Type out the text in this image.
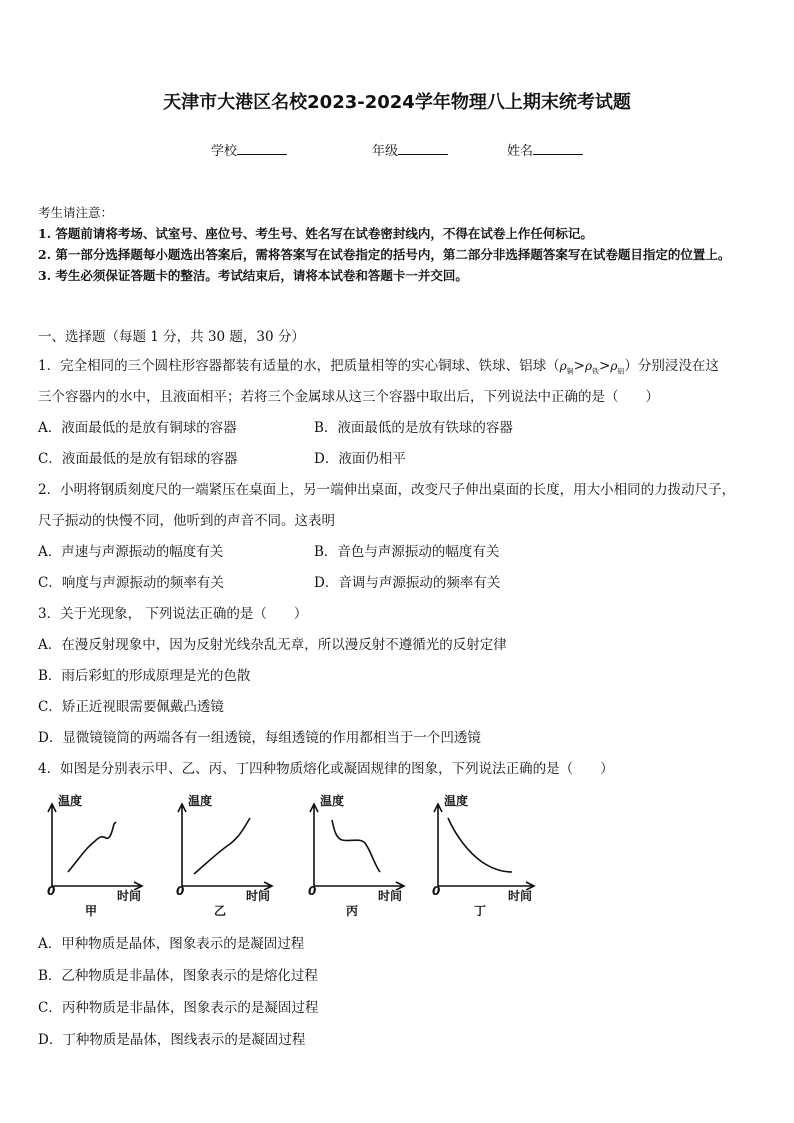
天津市大港区名校2023-2024学年物理八上期末统考试题
学校	年级	姓名
考生请注意：
1. 答题前请将考场、试室号、座位号、考生号、姓名写在试卷密封线内，不得在试卷上作任何标记。
2. 第一部分选择题每小题选出答案后，需将答案写在试卷指定的括号内，第二部分非选择题答案写在试卷题目指定的位置上。
3. 考生必须保证答题卡的整洁。考试结束后，请将本试卷和答题卡一并交回。
一、选择题（每题 1 分，共 30 题，30 分）
1．完全相同的三个圆柱形容器都装有适量的水，把质量相等的实心铜球、铁球、铝球$(\rho_铜>\rho_铁>\rho_铝)$分别浸没在这
三个容器内的水中，且液面相平；若将三个金属球从这三个容器中取出后，下列说法中正确的是（　　）
A．液面最低的是放有铜球的容器	B．液面最低的是放有铁球的容器
C．液面最低的是放有铝球的容器	D．液面仍相平
2．小明将钢质刻度尺的一端紧压在桌面上，另一端伸出桌面，改变尺子伸出桌面的长度，用大小相同的力拨动尺子，
尺子振动的快慢不同，他听到的声音不同。这表明
A．声速与声源振动的幅度有关	B．音色与声源振动的幅度有关
C．响度与声源振动的频率有关	D．音调与声源振动的频率有关
3．关于光现象， 下列说法正确的是（　　）
A．在漫反射现象中，因为反射光线杂乱无章，所以漫反射不遵循光的反射定律
B．雨后彩虹的形成原理是光的色散
C．矫正近视眼需要佩戴凸透镜
D．显微镜镜筒的两端各有一组透镜，每组透镜的作用都相当于一个凹透镜
4．如图是分别表示甲、乙、丙、丁四种物质熔化或凝固规律的图象，下列说法正确的是（　　）
温度
0	时间
甲
温度
0	时间
乙
温度
0	时间
丙
温度
0	时间
丁
A．甲种物质是晶体，图象表示的是凝固过程
B．乙种物质是非晶体，图象表示的是熔化过程
C．丙种物质是非晶体，图象表示的是凝固过程
D．丁种物质是晶体，图线表示的是凝固过程
